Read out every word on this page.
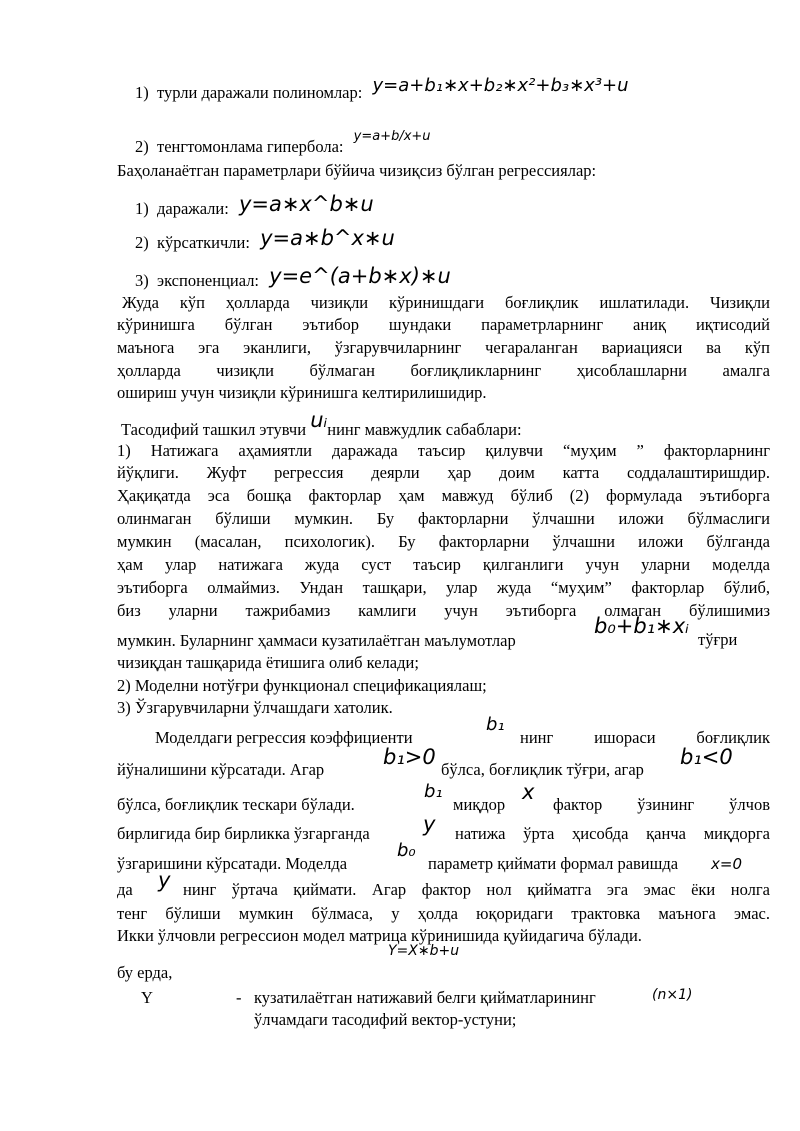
1) турли даражали полиномлар: y=a+b₁∗x+b₂∗x²+b₃∗x³+u
2) тенгтомонлама гипербола: $^{y=a+b/x+u}$
Баҳоланаётган параметрлари бўйича чизиқсиз бўлган регрессиялар:
1) даражали: y=a∗x^b∗u
2) кўрсаткичли: y=a∗b^x∗u
3) экспоненциал: y=e^(a+b∗x)∗u
Жуда кўп ҳолларда чизиқли кўринишдаги боғлиқлик ишлатилади. Чизиқли
кўринишга бўлган эътибор шундаки параметрларнинг аниқ иқтисодий
маънога эга эканлиги, ўзгарувчиларнинг чегараланган вариацияси ва кўп
ҳолларда чизиқли бўлмаган боғлиқликларнинг ҳисоблашларни амалга
ошириш учун чизиқли кўринишга келтирилишидир.
Тасодифий ташкил этувчи uᵢнинг мавжудлик сабаблари:
1) Натижага аҳамиятли даражада таъсир қилувчи “муҳим ” факторларнинг
йўқлиги. Жуфт регрессия деярли ҳар доим катта соддалаштиришдир.
Ҳақиқатда эса бошқа факторлар ҳам мавжуд бўлиб (2) формулада эътиборга
олинмаган бўлиши мумкин. Бу факторларни ўлчашни иложи бўлмаслиги
мумкин (масалан, психологик). Бу факторларни ўлчашни иложи бўлганда
ҳам улар натижага жуда суст таъсир қилганлиги учун уларни моделда
эътиборга олмаймиз. Ундан ташқари, улар жуда “муҳим” факторлар бўлиб,
биз уларни тажрибамиз камлиги учун эътиборга олмаган бўлишимиз
мумкин. Буларнинг ҳаммаси кузатилаётган маълумотлар
b₀+b₁∗xᵢ
тўғри
чизиқдан ташқарида ётишига олиб келади;
2) Моделни нотўғри функционал спецификациялаш;
3) Ўзгарувчиларни ўлчашдаги хатолик.
Моделдаги регрессия коэффициенти
b₁
нинг ишораси боғлиқлик
йўналишини кўрсатади. Агар
b₁>0
бўлса, боғлиқлик тўғри, агар
b₁<0
бўлса, боғлиқлик тескари бўлади.
b₁
миқдор
x
фактор ўзининг ўлчов
бирлигида бир бирликка ўзгарганда	y натижа ўрта ҳисобда қанча миқдорга
ўзгаришини кўрсатади. Моделда
b₀
параметр қиймати формал равишда x=0
да y нинг ўртача қиймати. Агар фактор нол қийматга эга эмас ёки нолга
тенг бўлиши мумкин бўлмаса, у ҳолда юқоридаги трактовка маънога эмас.
Икки ўлчовли регрессион модел матрица кўринишида қуйидагича бўлади.
Y=X∗b+u
бу ерда,
Y	- кузатилаётган натижавий белги қийматларининг	(n×1)
ўлчамдаги тасодифий вектор-устуни;
